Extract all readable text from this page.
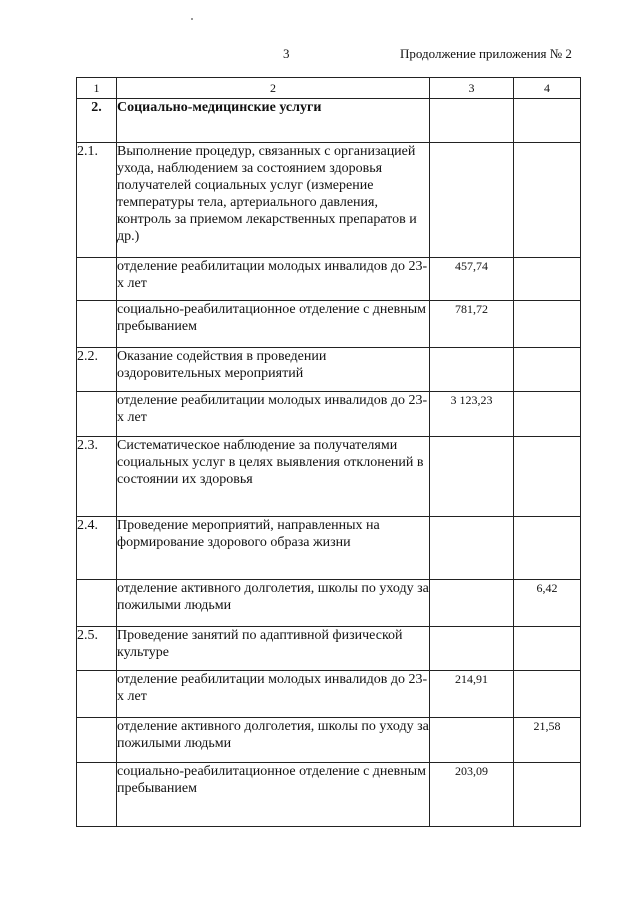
3	Продолжение приложения № 2
1	2	3	4
2.	Социально-медицинские услуги		
2.1.	Выполнение процедур, связанных с организацией ухода, наблюдением за состоянием здоровья получателей социальных услуг (измерение температуры тела, артериального давления, контроль за приемом лекарственных препаратов и др.)		
	отделение реабилитации молодых инвалидов до 23-х лет	457,74	
	социально-реабилитационное отделение с дневным пребыванием	781,72	
2.2.	Оказание содействия в проведении оздоровительных мероприятий		
	отделение реабилитации молодых инвалидов до 23-х лет	3 123,23	
2.3.	Систематическое наблюдение за получателями социальных услуг в целях выявления отклонений в состоянии их здоровья		
2.4.	Проведение мероприятий, направленных на формирование здорового образа жизни		
	отделение активного долголетия, школы по уходу за пожилыми людьми		6,42
2.5.	Проведение занятий по адаптивной физической культуре		
	отделение реабилитации молодых инвалидов до 23-х лет	214,91	
	отделение активного долголетия, школы по уходу за пожилыми людьми		21,58
	социально-реабилитационное отделение с дневным пребыванием	203,09	
